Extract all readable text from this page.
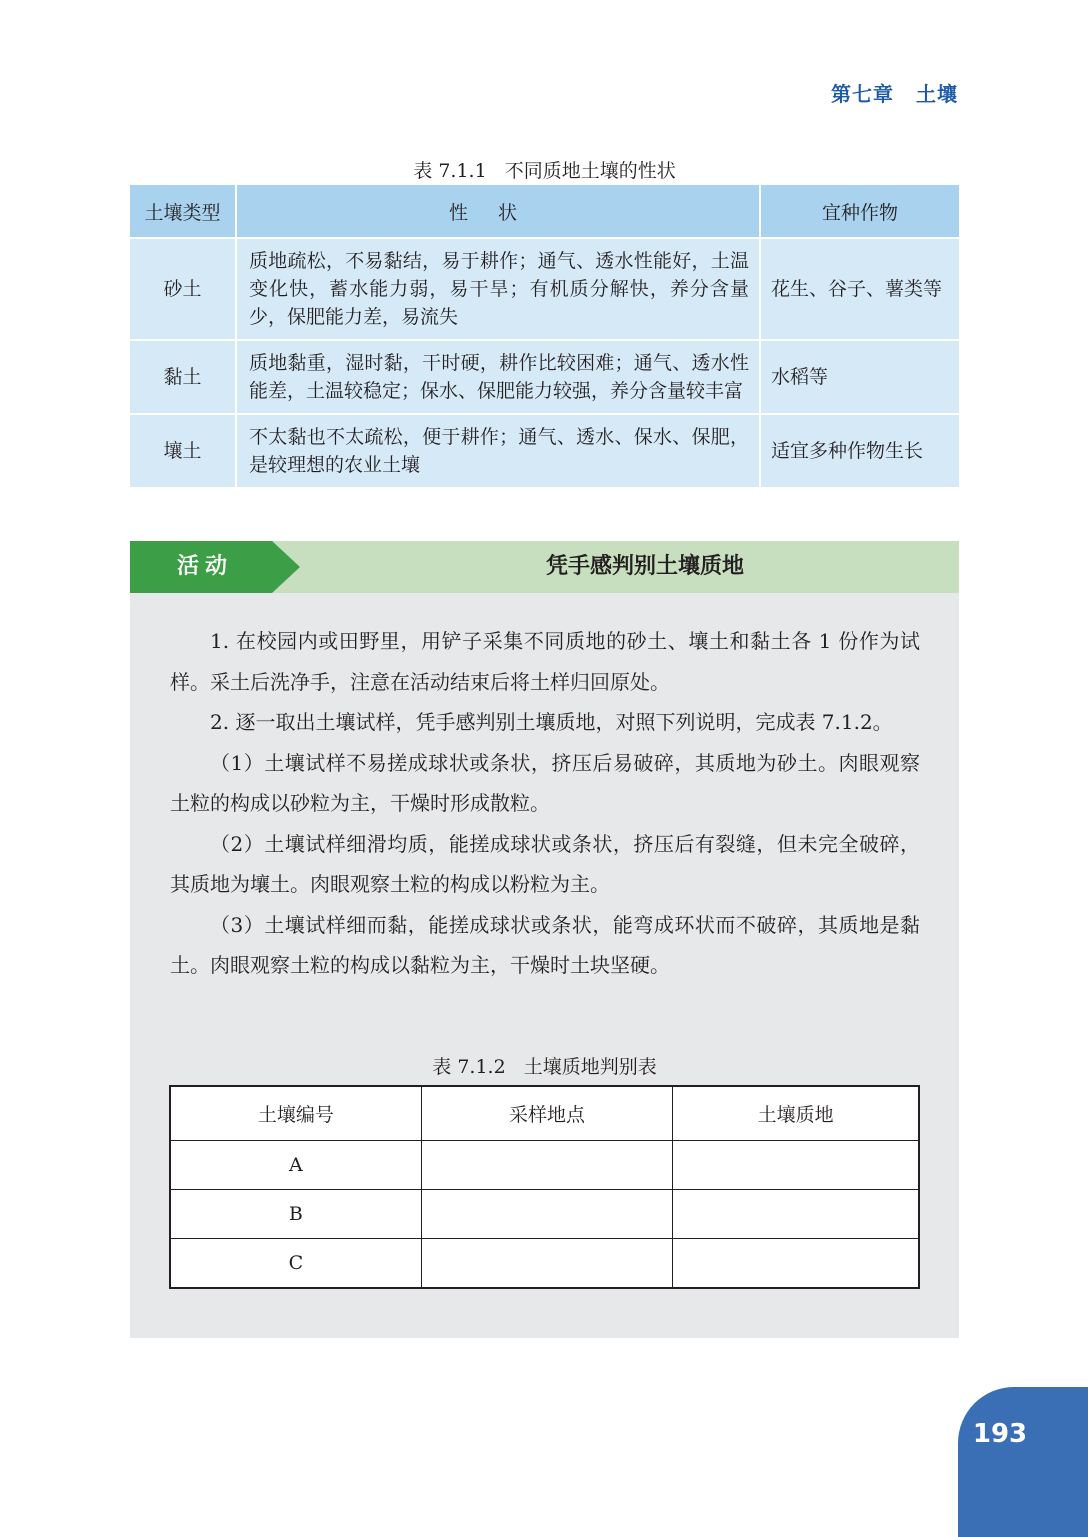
第七章 土壤
表 7.1.1 不同质地土壤的性状
土壤类型	性状	宜种作物
砂土	质地疏松，不易黏结，易于耕作；通气、透水性能好，土温变化快，蓄水能力弱，易干旱；有机质分解快，养分含量少，保肥能力差，易流失	花生、谷子、薯类等
黏土	质地黏重，湿时黏，干时硬，耕作比较困难；通气、透水性能差，土温较稳定；保水、保肥能力较强，养分含量较丰富	水稻等
壤土	不太黏也不太疏松，便于耕作；通气、透水、保水、保肥，是较理想的农业土壤	适宜多种作物生长
活动	凭手感判别土壤质地

1. 在校园内或田野里，用铲子采集不同质地的砂土、壤土和黏土各 1 份作为试样。采土后洗净手，注意在活动结束后将土样归回原处。

2. 逐一取出土壤试样，凭手感判别土壤质地，对照下列说明，完成表 7.1.2。

（1）土壤试样不易搓成球状或条状，挤压后易破碎，其质地为砂土。肉眼观察土粒的构成以砂粒为主，干燥时形成散粒。

（2）土壤试样细滑均质，能搓成球状或条状，挤压后有裂缝，但未完全破碎，其质地为壤土。肉眼观察土粒的构成以粉粒为主。

（3）土壤试样细而黏，能搓成球状或条状，能弯成环状而不破碎，其质地是黏土。肉眼观察土粒的构成以黏粒为主，干燥时土块坚硬。

表 7.1.2 土壤质地判别表
土壤编号	采样地点	土壤质地
A		
B		
C		
193
